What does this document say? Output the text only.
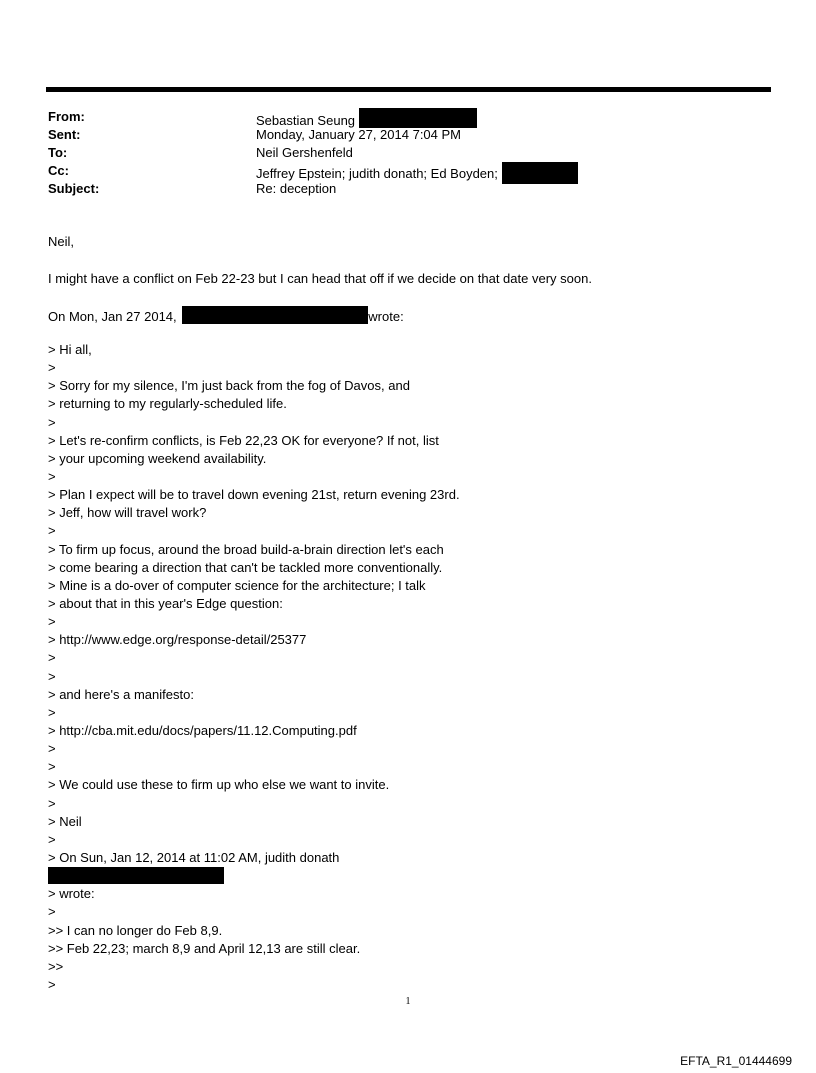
From:	Sebastian Seung
Sent:	Monday, January 27, 2014 7:04 PM
To:	Neil Gershenfeld
Cc:	Jeffrey Epstein; judith donath; Ed Boyden;
Subject:	Re: deception
Neil,
I might have a conflict on Feb 22-23 but I can head that off if we decide on that date very soon.
On Mon, Jan 27 2014,	wrote:
> Hi all,
>
> Sorry for my silence, I'm just back from the fog of Davos, and
> returning to my regularly-scheduled life.
>
> Let's re-confirm conflicts, is Feb 22,23 OK for everyone? If not, list
> your upcoming weekend availability.
>
> Plan I expect will be to travel down evening 21st, return evening 23rd.
> Jeff, how will travel work?
>
> To firm up focus, around the broad build-a-brain direction let's each
> come bearing a direction that can't be tackled more conventionally.
> Mine is a do-over of computer science for the architecture; I talk
> about that in this year's Edge question:
>
> http://www.edge.org/response-detail/25377
>
>
> and here's a manifesto:
>
> http://cba.mit.edu/docs/papers/11.12.Computing.pdf
>
>
> We could use these to firm up who else we want to invite.
>
> Neil
>
> On Sun, Jan 12, 2014 at 11:02 AM, judith donath
> wrote:
>
>> I can no longer do Feb 8,9.
>> Feb 22,23; march 8,9 and April 12,13 are still clear.
>>
>
1
EFTA_R1_01444699
